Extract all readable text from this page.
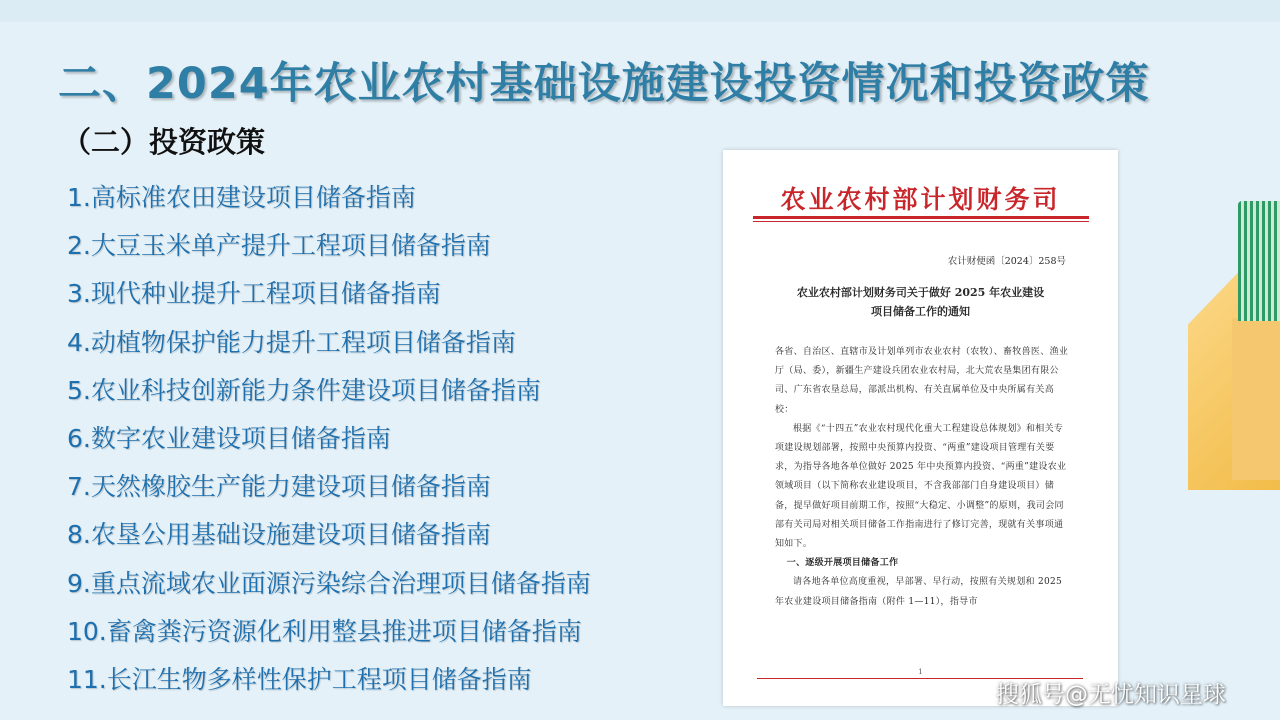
二、2024年农业农村基础设施建设投资情况和投资政策
（二）投资政策
1.高标准农田建设项目储备指南
2.大豆玉米单产提升工程项目储备指南
3.现代种业提升工程项目储备指南
4.动植物保护能力提升工程项目储备指南
5.农业科技创新能力条件建设项目储备指南
6.数字农业建设项目储备指南
7.天然橡胶生产能力建设项目储备指南
8.农垦公用基础设施建设项目储备指南
9.重点流域农业面源污染综合治理项目储备指南
10.畜禽粪污资源化利用整县推进项目储备指南
11.长江生物多样性保护工程项目储备指南
农业农村部计划财务司
农计财便函〔2024〕258号
农业农村部计划财务司关于做好 2025 年农业建设
项目储备工作的通知

各省、自治区、直辖市及计划单列市农业农村（农牧）、畜牧兽医、渔业厅（局、委），新疆生产建设兵团农业农村局，北大荒农垦集团有限公司、广东省农垦总局，部派出机构、有关直属单位及中央所属有关高校：

根据《“十四五”农业农村现代化重大工程建设总体规划》和相关专项建设规划部署，按照中央预算内投资、“两重”建设项目管理有关要求，为指导各地各单位做好 2025 年中央预算内投资、“两重”建设农业领域项目（以下简称农业建设项目，不含我部部门自身建设项目）储备，提早做好项目前期工作，按照“大稳定、小调整”的原则，我司会同部有关司局对相关项目储备工作指南进行了修订完善，现就有关事项通知如下。

一、逐级开展项目储备工作

请各地各单位高度重视，早部署、早行动，按照有关规划和 2025 年农业建设项目储备指南（附件 1—11），指导市

1
搜狐号@无忧知识星球
